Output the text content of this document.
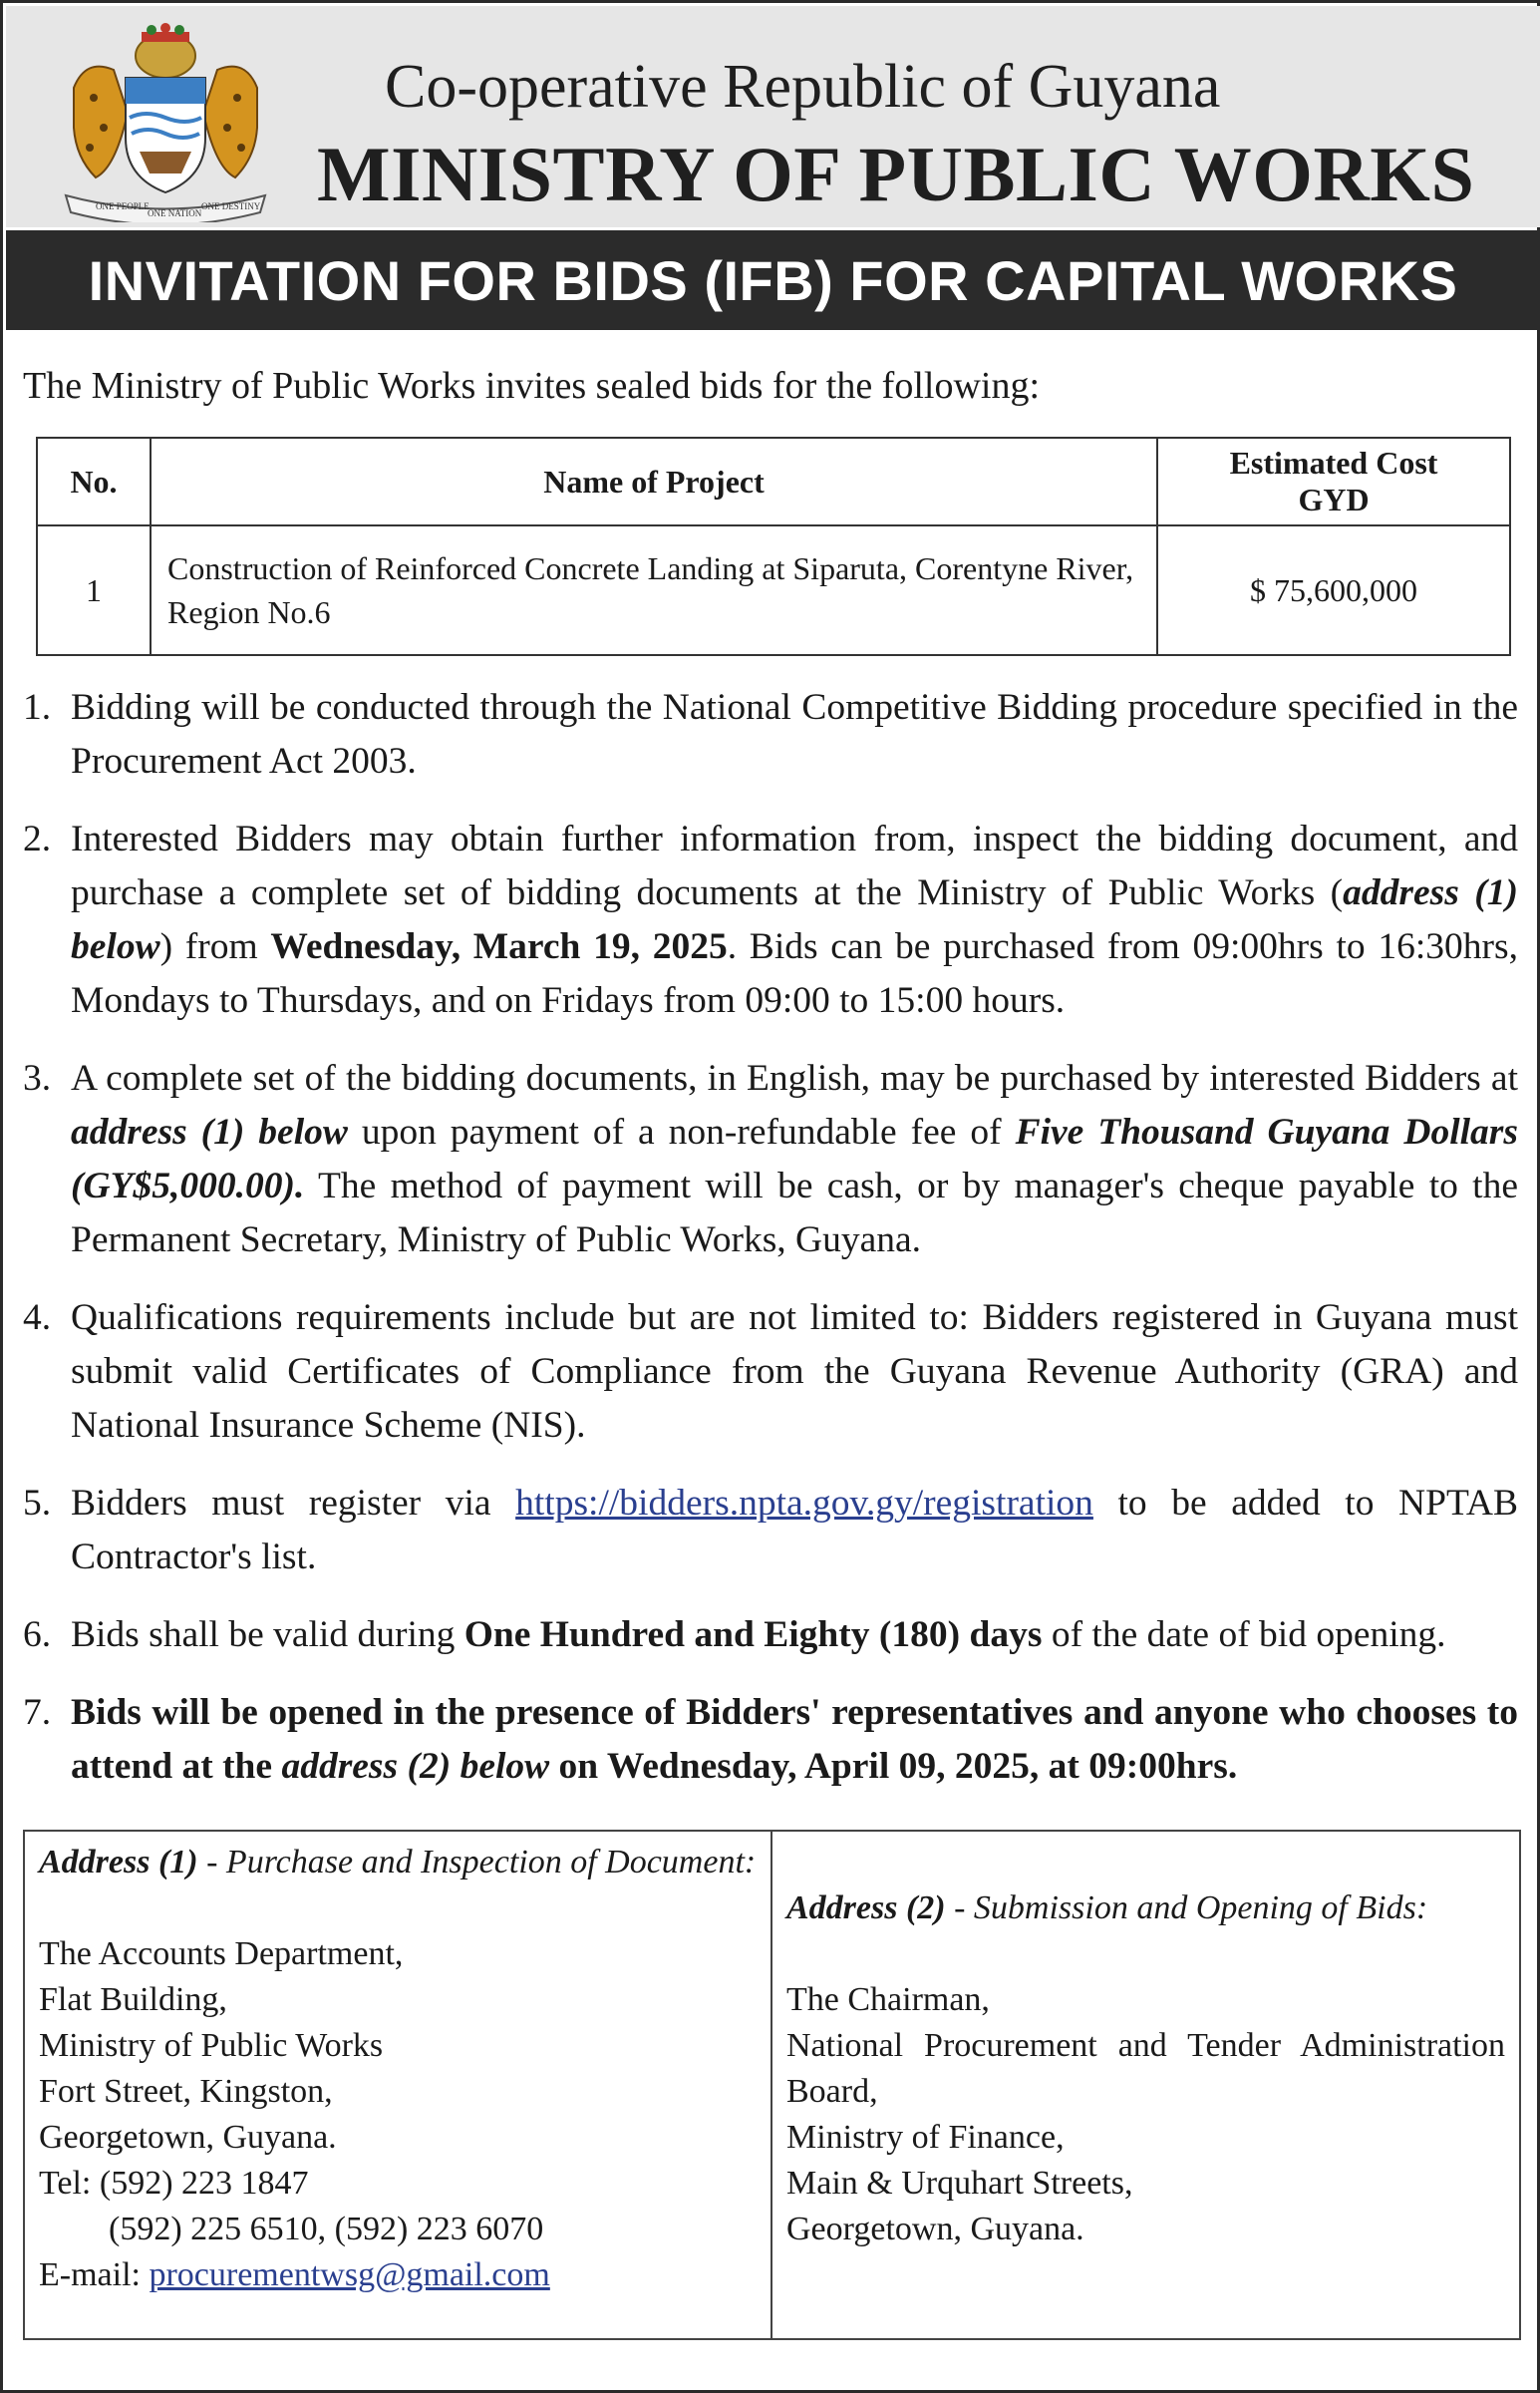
ONE PEOPLE
ONE NATION
ONE DESTINY
Co-operative Republic of Guyana
MINISTRY OF PUBLIC WORKS
INVITATION FOR BIDS (IFB) FOR CAPITAL WORKS
The Ministry of Public Works invites sealed bids for the following:
No.	Name of Project	Estimated Cost
GYD

1	Construction of Reinforced Concrete Landing at Siparuta, Corentyne River, Region No.6	$ 75,600,000
1. Bidding will be conducted through the National Competitive Bidding procedure specified in the Procurement Act 2003.
2. Interested Bidders may obtain further information from, inspect the bidding document, and purchase a complete set of bidding documents at the Ministry of Public Works (address (1) below) from Wednesday, March 19, 2025. Bids can be purchased from 09:00hrs to 16:30hrs, Mondays to Thursdays, and on Fridays from 09:00 to 15:00 hours.
3. A complete set of the bidding documents, in English, may be purchased by interested Bidders at address (1) below upon payment of a non-refundable fee of Five Thousand Guyana Dollars (GY$5,000.00). The method of payment will be cash, or by manager's cheque payable to the Permanent Secretary, Ministry of Public Works, Guyana.
4. Qualifications requirements include but are not limited to: Bidders registered in Guyana must submit valid Certificates of Compliance from the Guyana Revenue Authority (GRA) and National Insurance Scheme (NIS).
5. Bidders must register via https://bidders.npta.gov.gy/registration to be added to NPTAB Contractor's list.
6. Bids shall be valid during One Hundred and Eighty (180) days of the date of bid opening.
7. Bids will be opened in the presence of Bidders' representatives and anyone who chooses to attend at the address (2) below on Wednesday, April 09, 2025, at 09:00hrs.
Address (1) - Purchase and Inspection of Document:
The Accounts Department,
Flat Building,
Ministry of Public Works
Fort Street, Kingston,
Georgetown, Guyana.
Tel: (592) 223 1847
(592) 225 6510, (592) 223 6070
E-mail: procurementwsg@gmail.com

Address (2) - Submission and Opening of Bids:
The Chairman,
National Procurement and Tender Administration Board,
Ministry of Finance,
Main & Urquhart Streets,
Georgetown, Guyana.
